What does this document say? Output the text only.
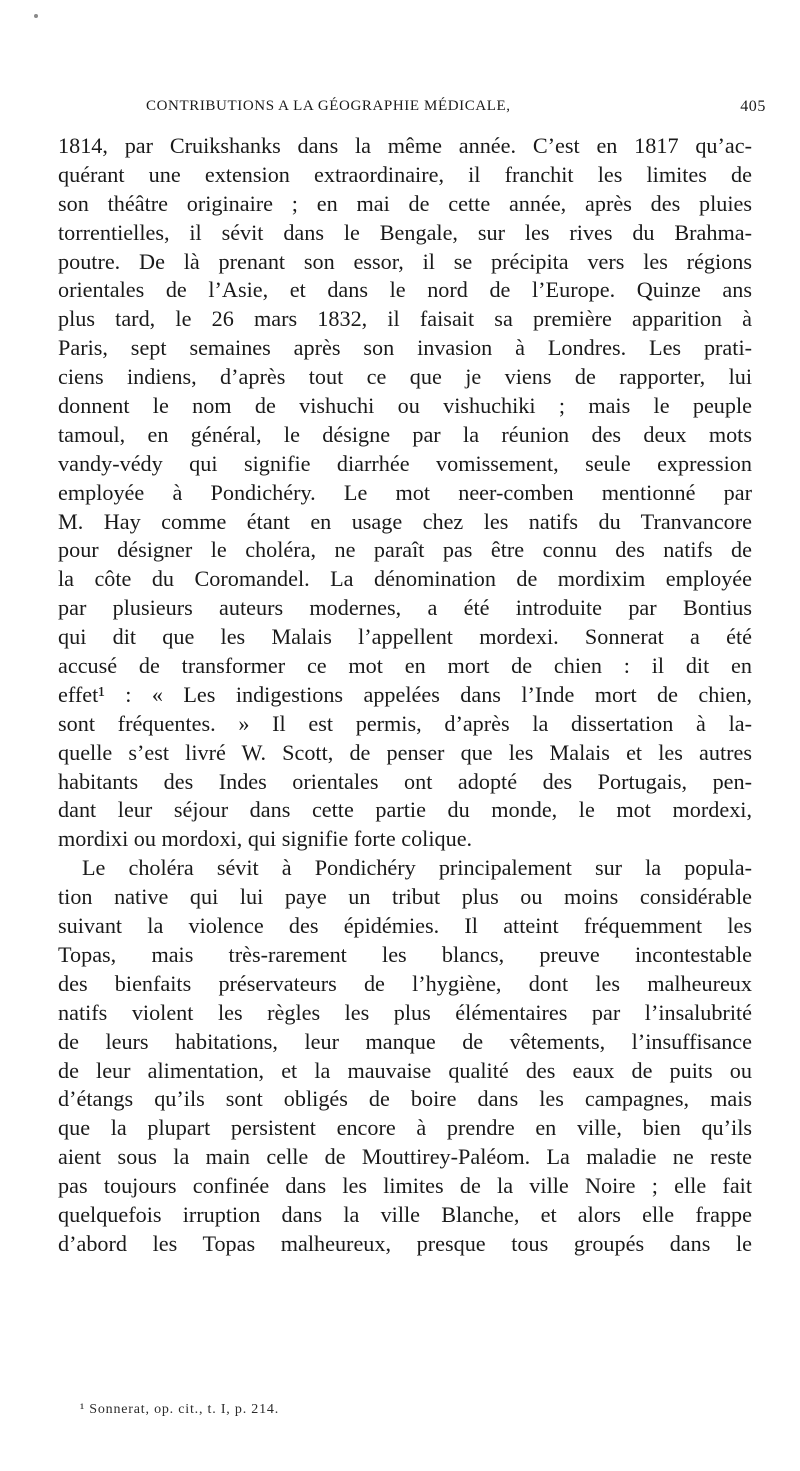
CONTRIBUTIONS A LA GÉOGRAPHIE MÉDICALE,	405
1814, par Cruikshanks dans la même année. C’est en 1817 qu’ac-
quérant une extension extraordinaire, il franchit les limites de
son théâtre originaire ; en mai de cette année, après des pluies
torrentielles, il sévit dans le Bengale, sur les rives du Brahma-
poutre. De là prenant son essor, il se précipita vers les régions
orientales de l’Asie, et dans le nord de l’Europe. Quinze ans
plus tard, le 26 mars 1832, il faisait sa première apparition à
Paris, sept semaines après son invasion à Londres. Les prati-
ciens indiens, d’après tout ce que je viens de rapporter, lui
donnent le nom de vishuchi ou vishuchiki ; mais le peuple
tamoul, en général, le désigne par la réunion des deux mots
vandy-védy qui signifie diarrhée vomissement, seule expression
employée à Pondichéry. Le mot neer-comben mentionné par
M. Hay comme étant en usage chez les natifs du Tranvancore
pour désigner le choléra, ne paraît pas être connu des natifs de
la côte du Coromandel. La dénomination de mordixim employée
par plusieurs auteurs modernes, a été introduite par Bontius
qui dit que les Malais l’appellent mordexi. Sonnerat a été
accusé de transformer ce mot en mort de chien : il dit en
effet¹ : « Les indigestions appelées dans l’Inde mort de chien,
sont fréquentes. » Il est permis, d’après la dissertation à la-
quelle s’est livré W. Scott, de penser que les Malais et les autres
habitants des Indes orientales ont adopté des Portugais, pen-
dant leur séjour dans cette partie du monde, le mot mordexi,
mordixi ou mordoxi, qui signifie forte colique.
Le choléra sévit à Pondichéry principalement sur la popula-
tion native qui lui paye un tribut plus ou moins considérable
suivant la violence des épidémies. Il atteint fréquemment les
Topas, mais très-rarement les blancs, preuve incontestable
des bienfaits préservateurs de l’hygiène, dont les malheureux
natifs violent les règles les plus élémentaires par l’insalubrité
de leurs habitations, leur manque de vêtements, l’insuffisance
de leur alimentation, et la mauvaise qualité des eaux de puits ou
d’étangs qu’ils sont obligés de boire dans les campagnes, mais
que la plupart persistent encore à prendre en ville, bien qu’ils
aient sous la main celle de Mouttirey-Paléom. La maladie ne reste
pas toujours confinée dans les limites de la ville Noire ; elle fait
quelquefois irruption dans la ville Blanche, et alors elle frappe
d’abord les Topas malheureux, presque tous groupés dans le
¹ Sonnerat, op. cit., t. I, p. 214.
